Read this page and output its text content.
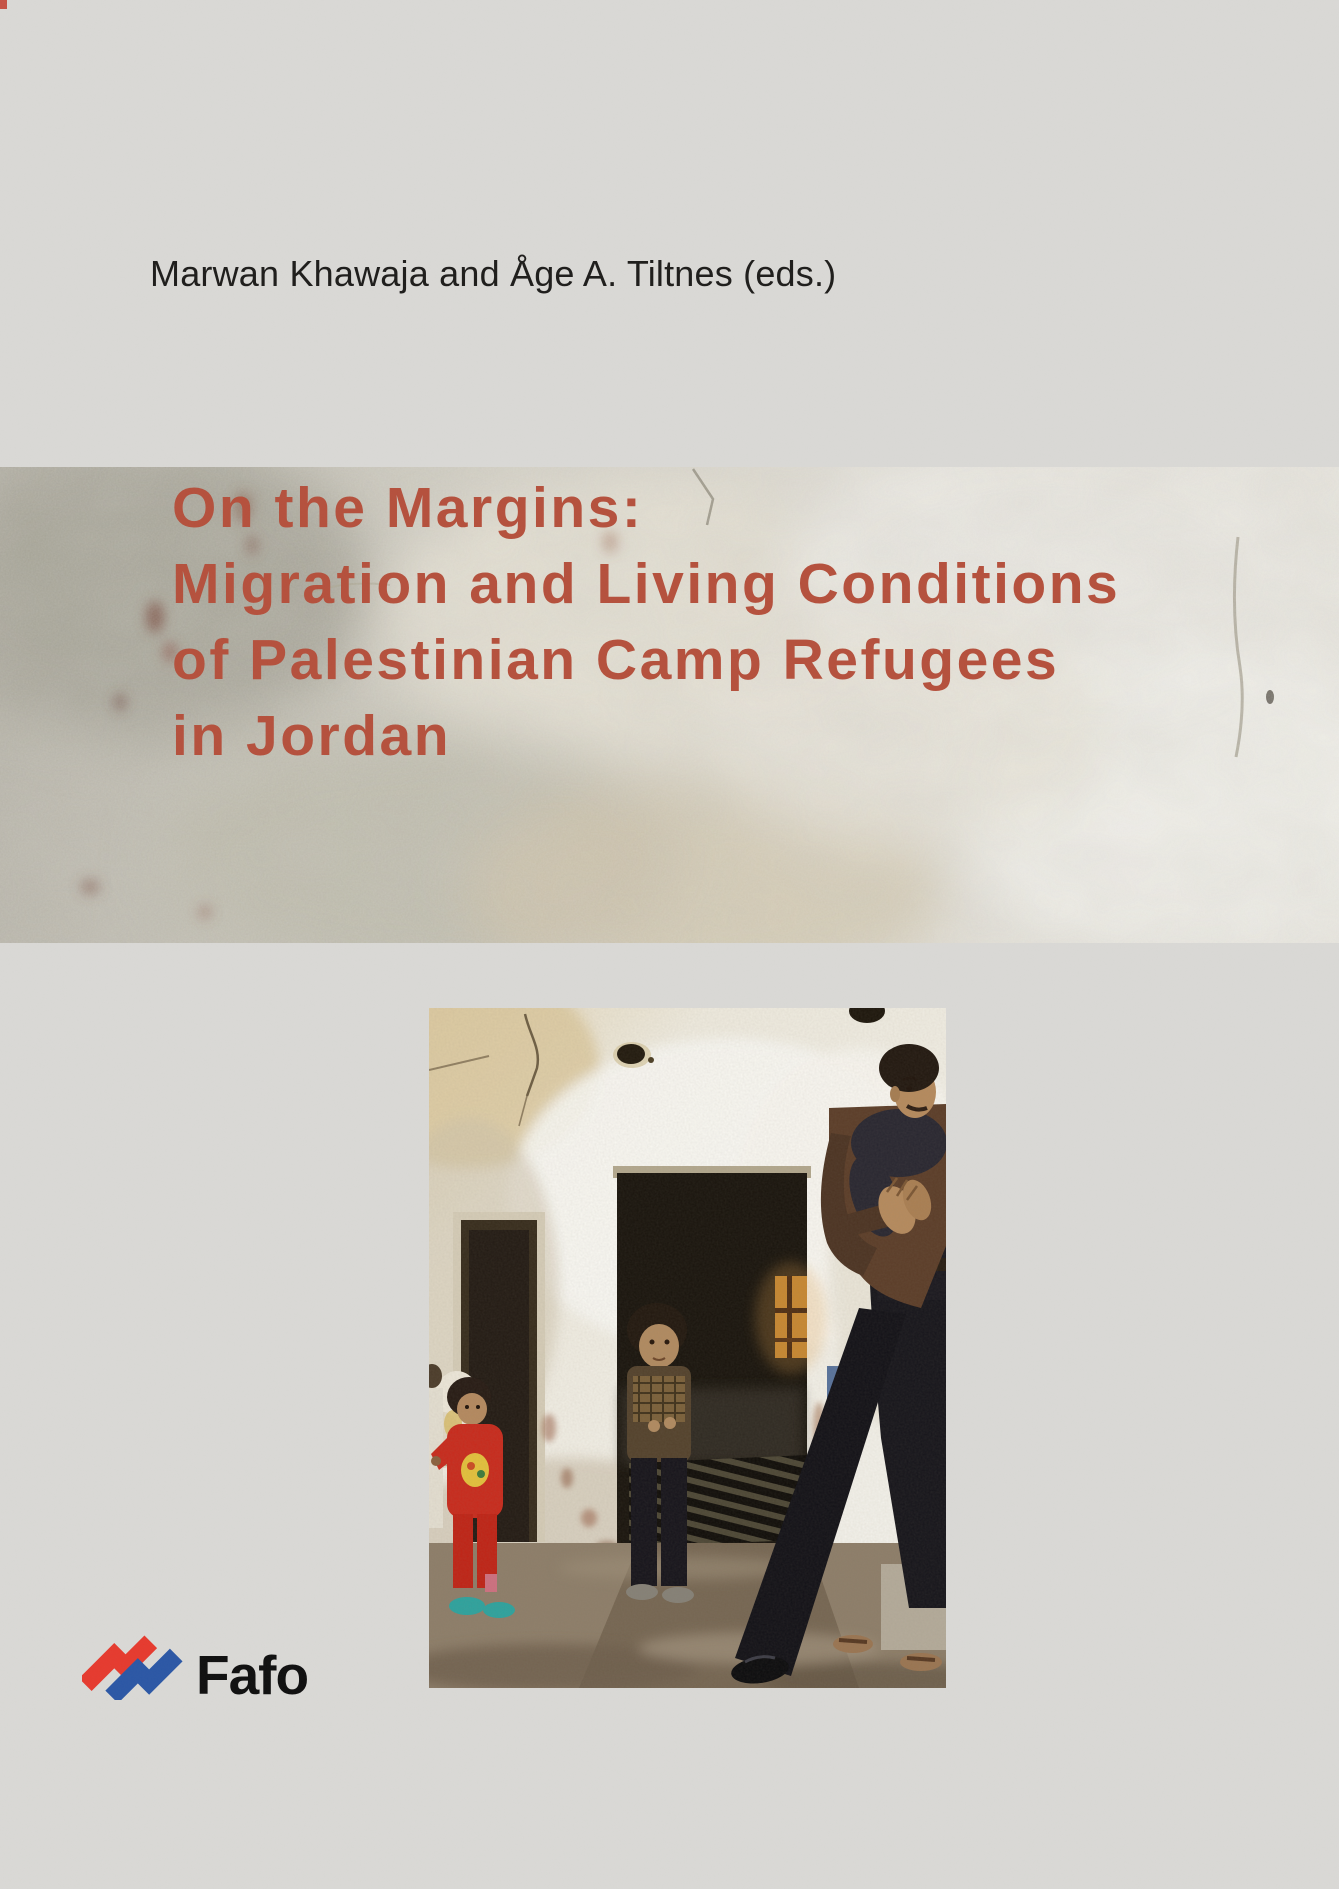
Marwan Khawaja and Åge A. Tiltnes (eds.)
On the Margins:
Migration and Living Conditions
of Palestinian Camp Refugees
in Jordan
Fafo
